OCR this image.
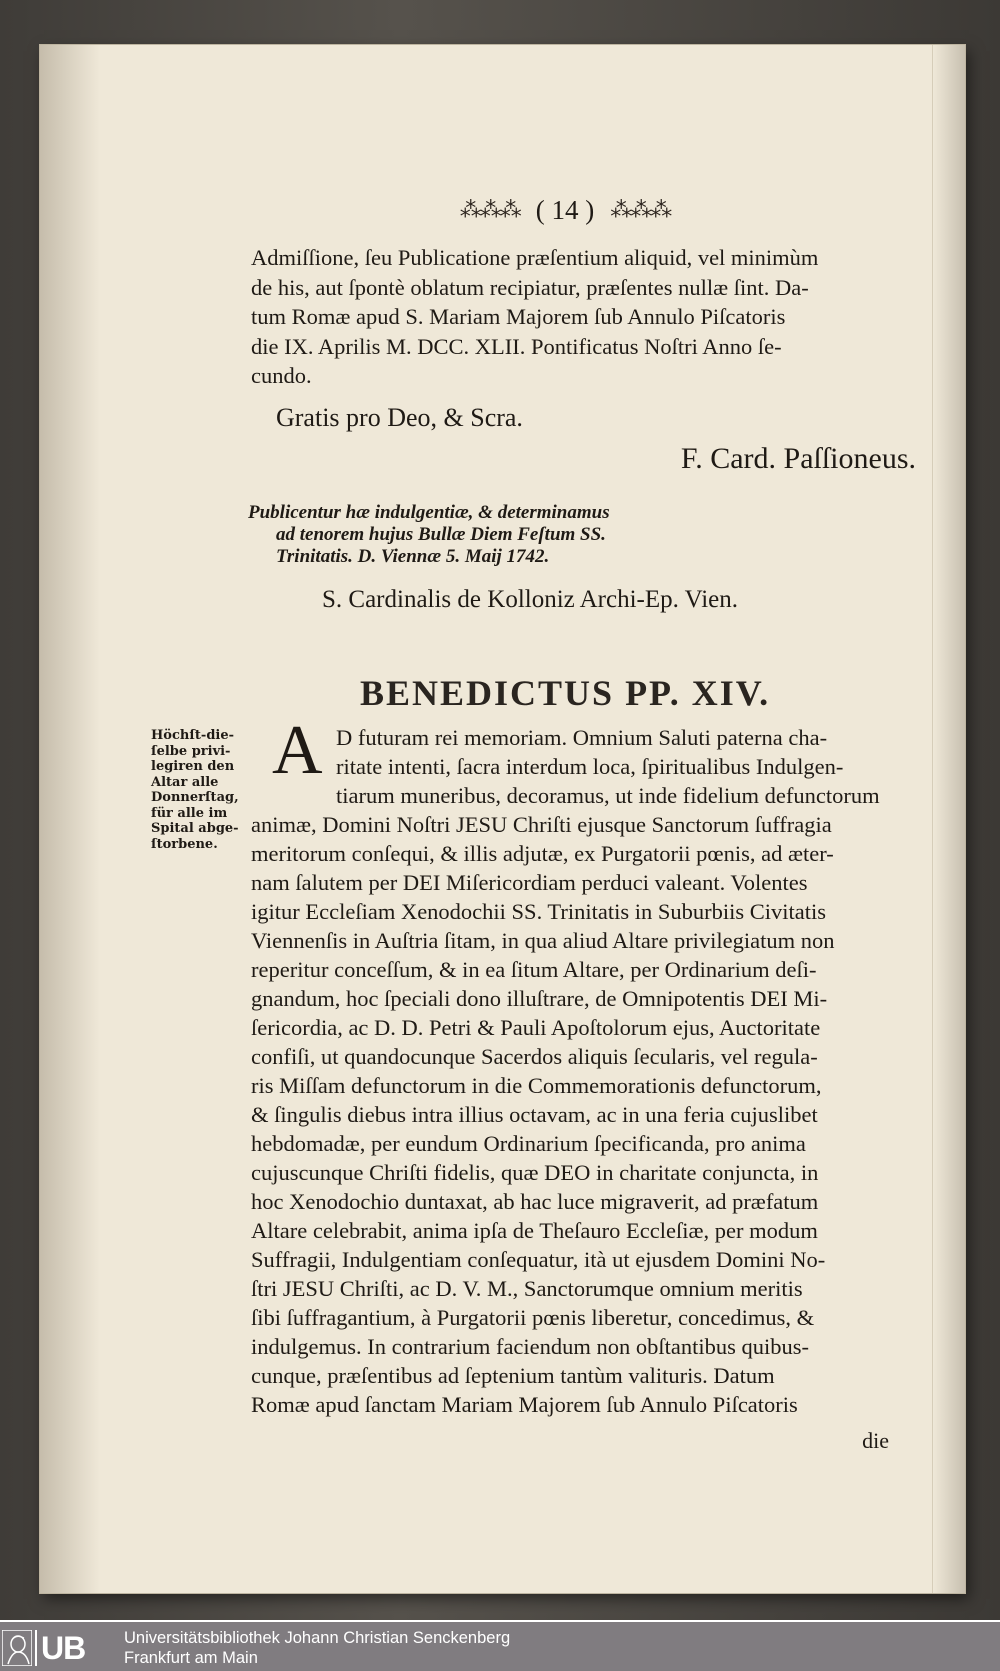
⁂⁂⁂ ( 14 ) ⁂⁂⁂
Admiſſione, ſeu Publicatione præſentium aliquid, vel minimùm
de his, aut ſpontè oblatum recipiatur, præſentes nullæ ſint. Da-
tum Romæ apud S. Mariam Majorem ſub Annulo Piſcatoris
die IX. Aprilis M. DCC. XLII. Pontificatus Noſtri Anno ſe-
cundo.
Gratis pro Deo, & Scra.
F. Card. Paſſioneus.
Publicentur hæ indulgentiæ, & determinamus
ad tenorem hujus Bullæ Diem Feſtum SS.
Trinitatis. D. Viennæ 5. Maij 1742.
S. Cardinalis de Kolloniz Archi-Ep. Vien.
BENEDICTUS PP. XIV.
Höchſt-die-
ſelbe privi-
legiren den
Altar alle
Donnerſtag,
für alle im
Spital abge-
ſtorbene.
A D futuram rei memoriam. Omnium Saluti paterna cha-
ritate intenti, ſacra interdum loca, ſpiritualibus Indulgen-
tiarum muneribus, decoramus, ut inde fidelium defunctorum
animæ, Domini Noſtri JESU Chriſti ejusque Sanctorum ſuffragia
meritorum conſequi, & illis adjutæ, ex Purgatorii pœnis, ad æter-
nam ſalutem per DEI Miſericordiam perduci valeant. Volentes
igitur Eccleſiam Xenodochii SS. Trinitatis in Suburbiis Civitatis
Viennenſis in Auſtria ſitam, in qua aliud Altare privilegiatum non
reperitur conceſſum, & in ea ſitum Altare, per Ordinarium deſi-
gnandum, hoc ſpeciali dono illuſtrare, de Omnipotentis DEI Mi-
ſericordia, ac D. D. Petri & Pauli Apoſtolorum ejus, Auctoritate
confiſi, ut quandocunque Sacerdos aliquis ſecularis, vel regula-
ris Miſſam defunctorum in die Commemorationis defunctorum,
& ſingulis diebus intra illius octavam, ac in una feria cujuslibet
hebdomadæ, per eundum Ordinarium ſpecificanda, pro anima
cujuscunque Chriſti fidelis, quæ DEO in charitate conjuncta, in
hoc Xenodochio duntaxat, ab hac luce migraverit, ad præfatum
Altare celebrabit, anima ipſa de Theſauro Eccleſiæ, per modum
Suffragii, Indulgentiam conſequatur, ità ut ejusdem Domini No-
ſtri JESU Chriſti, ac D. V. M., Sanctorumque omnium meritis
ſibi ſuffragantium, à Purgatorii pœnis liberetur, concedimus, &
indulgemus. In contrarium faciendum non obſtantibus quibus-
cunque, præſentibus ad ſeptenium tantùm valituris. Datum
Romæ apud ſanctam Mariam Majorem ſub Annulo Piſcatoris
die
UB Universitätsbibliothek Johann Christian Senckenberg
Frankfurt am Main
